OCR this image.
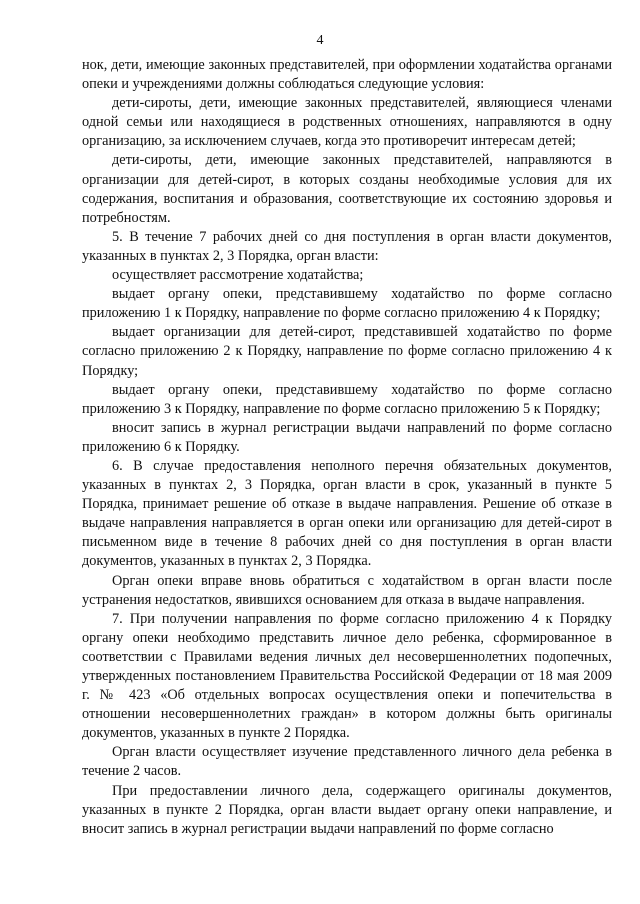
4

нок, дети, имеющие законных представителей, при оформлении ходатайства органами опеки и учреждениями должны соблюдаться следующие условия:

дети-сироты, дети, имеющие законных представителей, являющиеся членами одной семьи или находящиеся в родственных отношениях, направляются в одну организацию, за исключением случаев, когда это противоречит интересам детей;

дети-сироты, дети, имеющие законных представителей, направляются в организации для детей-сирот, в которых созданы необходимые условия для их содержания, воспитания и образования, соответствующие их состоянию здоровья и потребностям.

5. В течение 7 рабочих дней со дня поступления в орган власти документов, указанных в пунктах 2, 3 Порядка, орган власти:

осуществляет рассмотрение ходатайства;

выдает органу опеки, представившему ходатайство по форме согласно приложению 1 к Порядку, направление по форме согласно приложению 4 к Порядку;

выдает организации для детей-сирот, представившей ходатайство по форме согласно приложению 2 к Порядку, направление по форме согласно приложению 4 к Порядку;

выдает органу опеки, представившему ходатайство по форме согласно приложению 3 к Порядку, направление по форме согласно приложению 5 к Порядку;

вносит запись в журнал регистрации выдачи направлений по форме согласно приложению 6 к Порядку.

6. В случае предоставления неполного перечня обязательных документов, указанных в пунктах 2, 3 Порядка, орган власти в срок, указанный в пункте 5 Порядка, принимает решение об отказе в выдаче направления. Решение об отказе в выдаче направления направляется в орган опеки или организацию для детей-сирот в письменном виде в течение 8 рабочих дней со дня поступления в орган власти документов, указанных в пунктах 2, 3 Порядка.

Орган опеки вправе вновь обратиться с ходатайством в орган власти после устранения недостатков, явившихся основанием для отказа в выдаче направления.

7. При получении направления по форме согласно приложению 4 к Порядку органу опеки необходимо представить личное дело ребенка, сформированное в соответствии с Правилами ведения личных дел несовершеннолетних подопечных, утвержденных постановлением Правительства Российской Федерации от 18 мая 2009 г. № 423 «Об отдельных вопросах осуществления опеки и попечительства в отношении несовершеннолетних граждан» в котором должны быть оригиналы документов, указанных в пункте 2 Порядка.

Орган власти осуществляет изучение представленного личного дела ребенка в течение 2 часов.

При предоставлении личного дела, содержащего оригиналы документов, указанных в пункте 2 Порядка, орган власти выдает органу опеки направление, и вносит запись в журнал регистрации выдачи направлений по форме согласно
